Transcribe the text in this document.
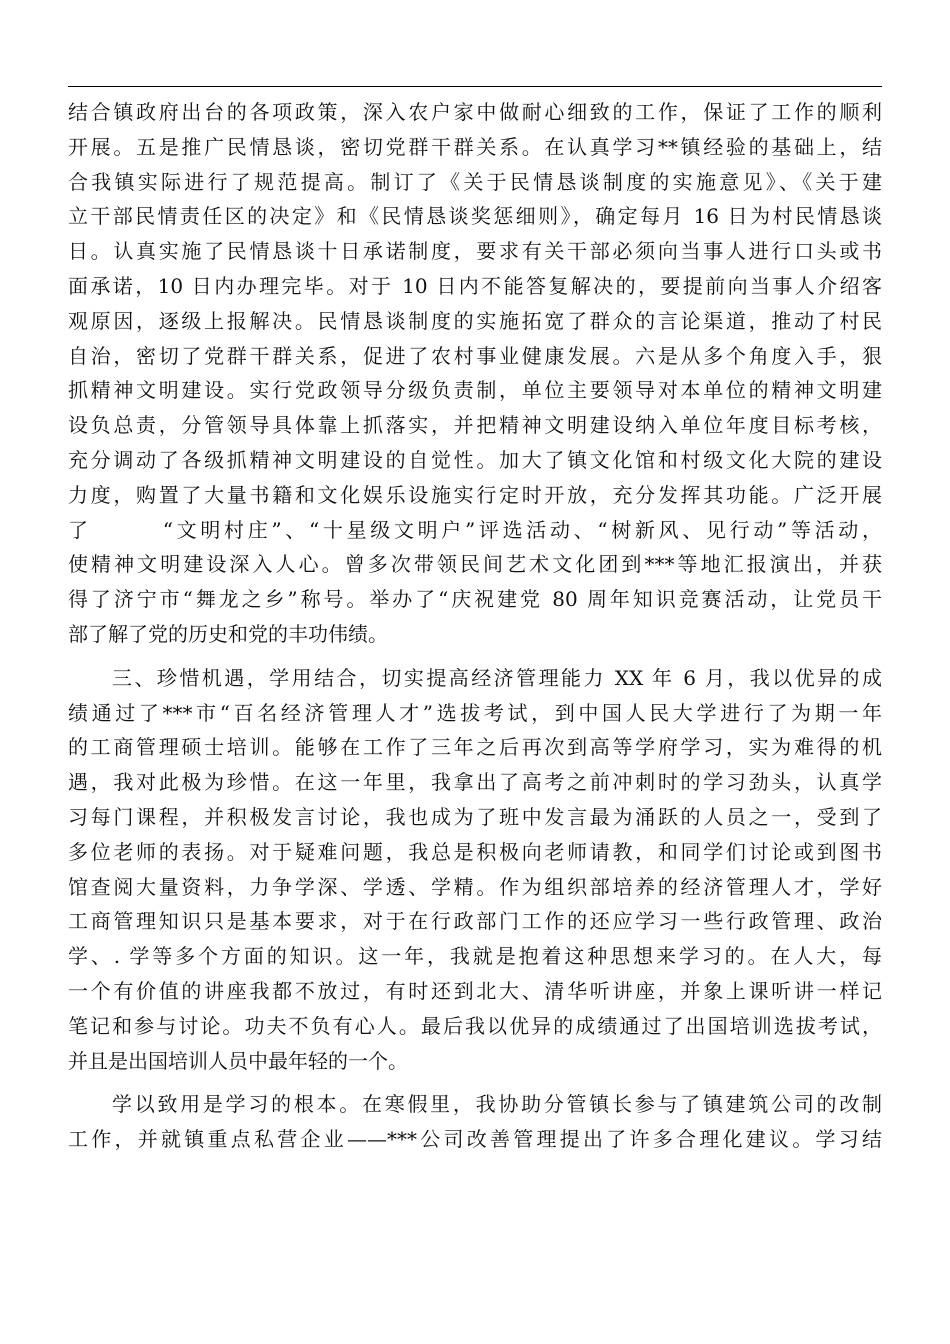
结合镇政府出台的各项政策，深入农户家中做耐心细致的工作，保证了工作的顺利
开展。五是推广民情恳谈，密切党群干群关系。在认真学习**镇经验的基础上，结
合我镇实际进行了规范提高。制订了《关于民情恳谈制度的实施意见》、《关于建
立干部民情责任区的决定》和《民情恳谈奖惩细则》，确定每月 16 日为村民情恳谈
日。认真实施了民情恳谈十日承诺制度，要求有关干部必须向当事人进行口头或书
面承诺，10 日内办理完毕。对于 10 日内不能答复解决的，要提前向当事人介绍客
观原因，逐级上报解决。民情恳谈制度的实施拓宽了群众的言论渠道，推动了村民
自治，密切了党群干群关系，促进了农村事业健康发展。六是从多个角度入手，狠
抓精神文明建设。实行党政领导分级负责制，单位主要领导对本单位的精神文明建
设负总责，分管领导具体靠上抓落实，并把精神文明建设纳入单位年度目标考核，
充分调动了各级抓精神文明建设的自觉性。加大了镇文化馆和村级文化大院的建设
力度，购置了大量书籍和文化娱乐设施实行定时开放，充分发挥其功能。广泛开展
了　　　“文明村庄”、“十星级文明户”评选活动、“树新风、见行动”等活动，
使精神文明建设深入人心。曾多次带领民间艺术文化团到***等地汇报演出，并获
得了济宁市“舞龙之乡”称号。举办了“庆祝建党 80 周年知识竞赛活动，让党员干
部了解了党的历史和党的丰功伟绩。
三、珍惜机遇，学用结合，切实提高经济管理能力 XX 年 6 月，我以优异的成
绩通过了***市“百名经济管理人才”选拔考试，到中国人民大学进行了为期一年
的工商管理硕士培训。能够在工作了三年之后再次到高等学府学习，实为难得的机
遇，我对此极为珍惜。在这一年里，我拿出了高考之前冲刺时的学习劲头，认真学
习每门课程，并积极发言讨论，我也成为了班中发言最为涌跃的人员之一，受到了
多位老师的表扬。对于疑难问题，我总是积极向老师请教，和同学们讨论或到图书
馆查阅大量资料，力争学深、学透、学精。作为组织部培养的经济管理人才，学好
工商管理知识只是基本要求，对于在行政部门工作的还应学习一些行政管理、政治
学、. 学等多个方面的知识。这一年，我就是抱着这种思想来学习的。在人大，每
一个有价值的讲座我都不放过，有时还到北大、清华听讲座，并象上课听讲一样记
笔记和参与讨论。功夫不负有心人。最后我以优异的成绩通过了出国培训选拔考试，
并且是出国培训人员中最年轻的一个。
学以致用是学习的根本。在寒假里，我协助分管镇长参与了镇建筑公司的改制
工作，并就镇重点私营企业——***公司改善管理提出了许多合理化建议。学习结
